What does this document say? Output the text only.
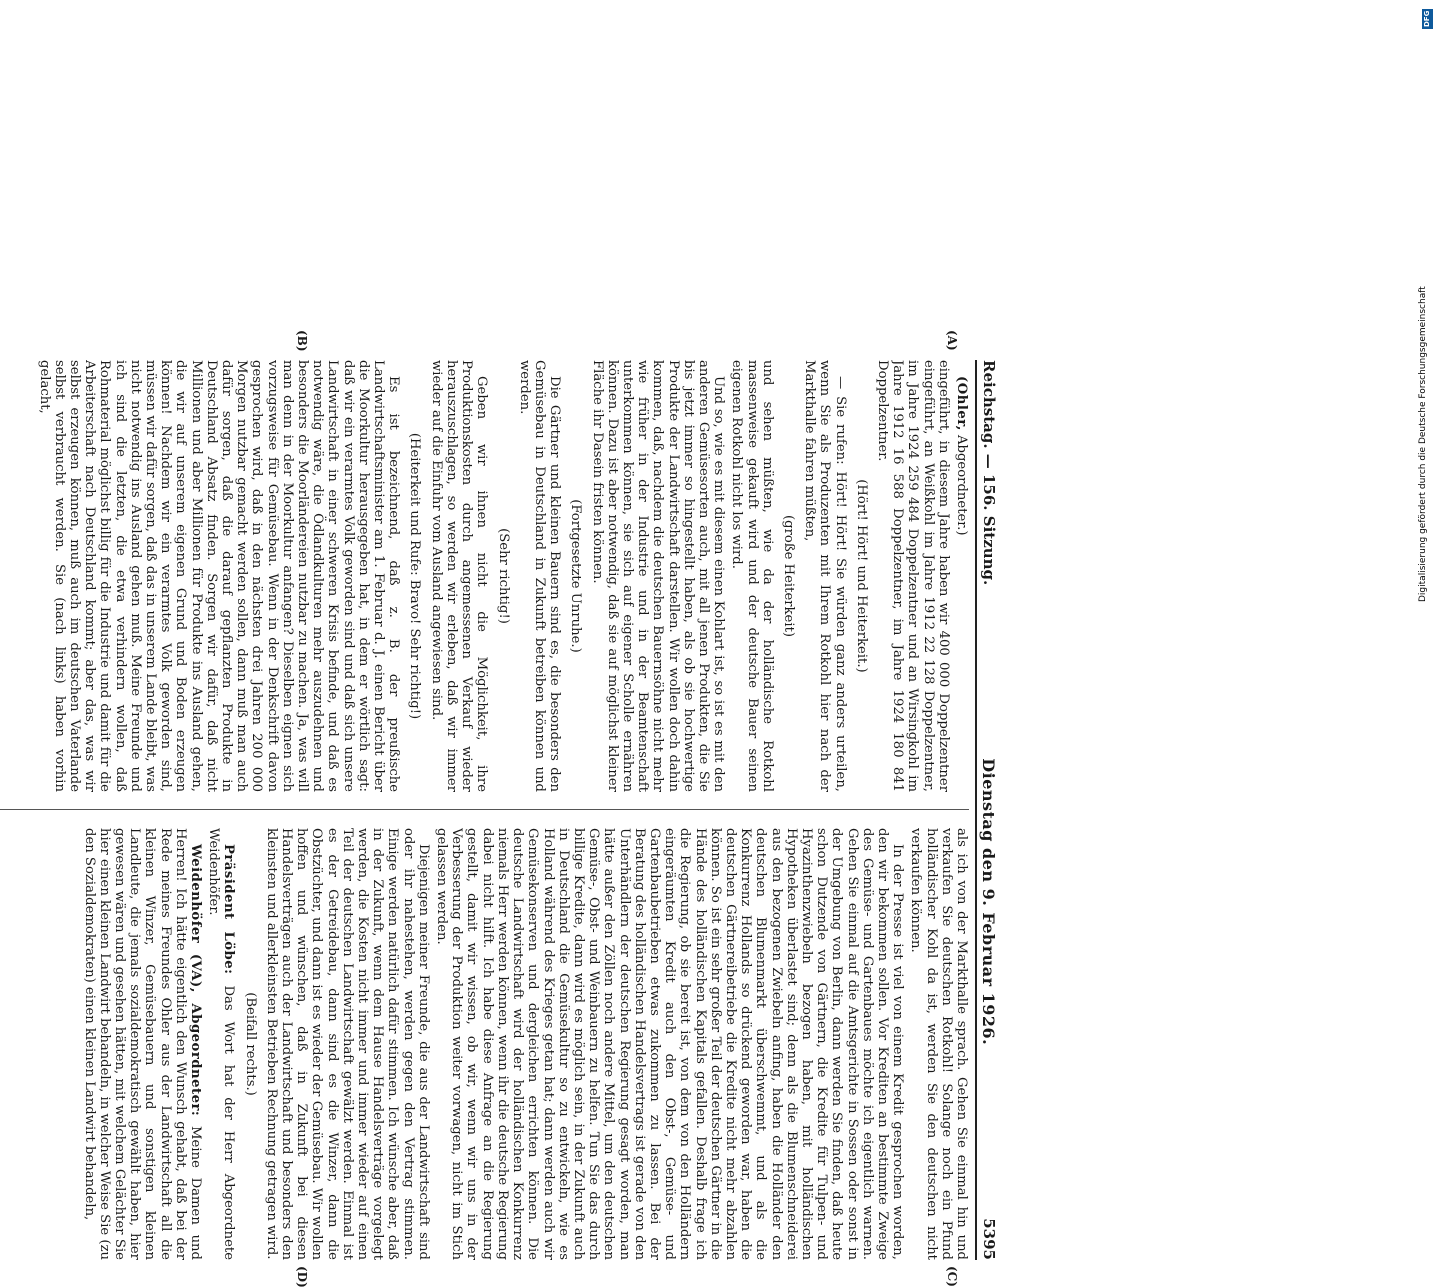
Reichstag. — 156. Sitzung.
Dienstag den 9. Februar 1926.
5395

(Ohler, Abgeordneter.)

eingeführt, in diesem Jahre haben wir 400 000 Doppelzentner eingeführt, an Weißkohl im Jahre 1912 22 128 Doppelzentner, im Jahre 1924 259 484 Doppelzentner und an Wirsingkohl im Jahre 1912 16 588 Doppelzentner, im Jahre 1924 180 841 Doppelzentner.

(Hört! Hört! und Heiterkeit.)

— Sie rufen: Hört! Hört! Sie würden ganz anders urteilen, wenn Sie als Produzenten mit Ihrem Rotkohl hier nach der Markthalle fahren müßten,

(große Heiterkeit)

und sehen müßten, wie da der holländische Rotkohl massenweise gekauft wird und der deutsche Bauer seinen eigenen Rotkohl nicht los wird.

Und so, wie es mit diesem einen Kohlart ist, so ist es mit den anderen Gemüsesorten auch, mit all jenen Produkten, die Sie bis jetzt immer so hingestellt haben, als ob sie hochwertige Produkte der Landwirtschaft darstellen. Wir wollen doch dahin kommen, daß, nachdem die deutschen Bauernsöhne nicht mehr wie früher in der Industrie und in der Beamtenschaft unterkommen können, sie sich auf eigener Scholle ernähren können. Dazu ist aber notwendig, daß sie auf möglichst kleiner Fläche ihr Dasein fristen können.

(Fortgesetzte Unruhe.)

Die Gärtner und kleinen Bauern sind es, die besonders den Gemüsebau in Deutschland in Zukunft betreiben können und werden.

(Sehr richtig!)

Geben wir ihnen nicht die Möglichkeit, ihre Produktionskosten durch angemessenen Verkauf wieder herauszuschlagen, so werden wir erleben, daß wir immer wieder auf die Einfuhr vom Ausland angewiesen sind.

(Heiterkeit und Rufe: Bravo! Sehr richtig!)

Es ist bezeichnend, daß z. B. der preußische Landwirtschaftsminister am 1. Februar d. J. einen Bericht über die Moorkultur herausgegeben hat, in dem er wörtlich sagt: daß wir ein verarmtes Volk geworden sind und daß sich unsere Landwirtschaft in einer schweren Krisis befinde, und daß es notwendig wäre, die Ödlandkulturen mehr auszudehnen und besonders die Moorländereien nutzbar zu machen. Ja, was will man denn in der Moorkultur anfangen? Dieselben eignen sich vorzugsweise für Gemüsebau. Wenn in der Denkschrift davon gesprochen wird, daß in den nächsten drei Jahren 200 000 Morgen nutzbar gemacht werden sollen, dann muß man auch dafür sorgen, daß die darauf gepflanzten Produkte in Deutschland Absatz finden. Sorgen wir dafür, daß nicht Millionen und aber Millionen für Produkte ins Ausland gehen, die wir auf unserem eigenen Grund und Boden erzeugen können! Nachdem wir ein verarmtes Volk geworden sind, müssen wir dafür sorgen, daß das in unserem Lande bleibt, was nicht notwendig ins Ausland gehen muß. Meine Freunde und ich sind die letzten, die etwa verhindern wollen, daß Rohmaterial möglichst billig für die Industrie und damit für die Arbeiterschaft nach Deutschland kommt; aber das, was wir selbst erzeugen können, muß auch im deutschen Vaterlande selbst verbraucht werden. Sie (nach links) haben vorhin gelacht,

als ich von der Markthalle sprach. Gehen Sie einmal hin und verkaufen Sie deutschen Rotkohl! Solange noch ein Pfund holländischer Kohl da ist, werden Sie den deutschen nicht verkaufen können.

In der Presse ist viel von einem Kredit gesprochen worden, den wir bekommen sollen. Vor Krediten an bestimmte Zweige des Gemüse- und Gartenbaues möchte ich eigentlich warnen. Gehen Sie einmal auf die Amtsgerichte in Sossen oder sonst in der Umgebung von Berlin, dann werden Sie finden, daß heute schon Dutzende von Gärtnern, die Kredite für Tulpen- und Hyazinthenzwiebeln bezogen haben, mit holländischen Hypotheken überlastet sind; denn als die Blumenschneiderei aus den bezogenen Zwiebeln anfing, haben die Holländer den deutschen Blumenmarkt überschwemmt, und als die Konkurrenz Hollands so drückend geworden war, haben die deutschen Gärtnereibetriebe die Kredite nicht mehr abzahlen können. So ist ein sehr großer Teil der deutschen Gärtner in die Hände des holländischen Kapitals gefallen. Deshalb frage ich die Regierung, ob sie bereit ist, von dem von den Holländern eingeräumten Kredit auch den Obst-, Gemüse- und Gartenbaubetrieben etwas zukommen zu lassen. Bei der Beratung des holländischen Handelsvertrags ist gerade von den Unterhändlern der deutschen Regierung gesagt worden, man hätte außer den Zöllen noch andere Mittel, um den deutschen Gemüse-, Obst- und Weinbauern zu helfen. Tun Sie das durch billige Kredite, dann wird es möglich sein, in der Zukunft auch in Deutschland die Gemüsekultur so zu entwickeln, wie es Holland während des Krieges getan hat; dann werden auch wir Gemüsekonserven und dergleichen errichten können. Die deutsche Landwirtschaft wird der holländischen Konkurrenz niemals Herr werden können, wenn ihr die deutsche Regierung dabei nicht hilft. Ich habe diese Anfrage an die Regierung gestellt, damit wir wissen, ob wir, wenn wir uns in der Verbesserung der Produktion weiter vorwagen, nicht im Stich gelassen werden.

Diejenigen meiner Freunde, die aus der Landwirtschaft sind oder ihr nahestehen, werden gegen den Vertrag stimmen. Einige werden natürlich dafür stimmen. Ich wünsche aber, daß in der Zukunft, wenn dem Hause Handelsverträge vorgelegt werden, die Kosten nicht immer und immer wieder auf einen Teil der deutschen Landwirtschaft gewälzt werden. Einmal ist es der Getreidebau, dann sind es die Winzer, dann die Obstzüchter, und dann ist es wieder der Gemüsebau. Wir wollen hoffen und wünschen, daß in Zukunft bei diesen Handelsverträgen auch der Landwirtschaft und besonders den kleinsten und allerkleinsten Betrieben Rechnung getragen wird.

(Beifall rechts.)

Präsident Löbe: Das Wort hat der Herr Abgeordnete Weidenhöfer.

Weidenhöfer (VA), Abgeordneter: Meine Damen und Herren! Ich hätte eigentlich den Wunsch gehabt, daß bei der Rede meines Freundes Ohler aus der Landwirtschaft all die kleinen Winzer, Gemüsebauern und sonstigen kleinen Landleute, die jemals sozialdemokratisch gewählt haben, hier gewesen wären und gesehen hätten, mit welchem Gelächter Sie hier einen kleinen Landwirt behandeln, in welcher Weise Sie (zu den Sozialdemokraten) einen kleinen Landwirt behandeln,

(A)
(B)
(C)
(D)
DFG
Digitalisierung gefördert durch die Deutsche Forschungsgemeinschaft
